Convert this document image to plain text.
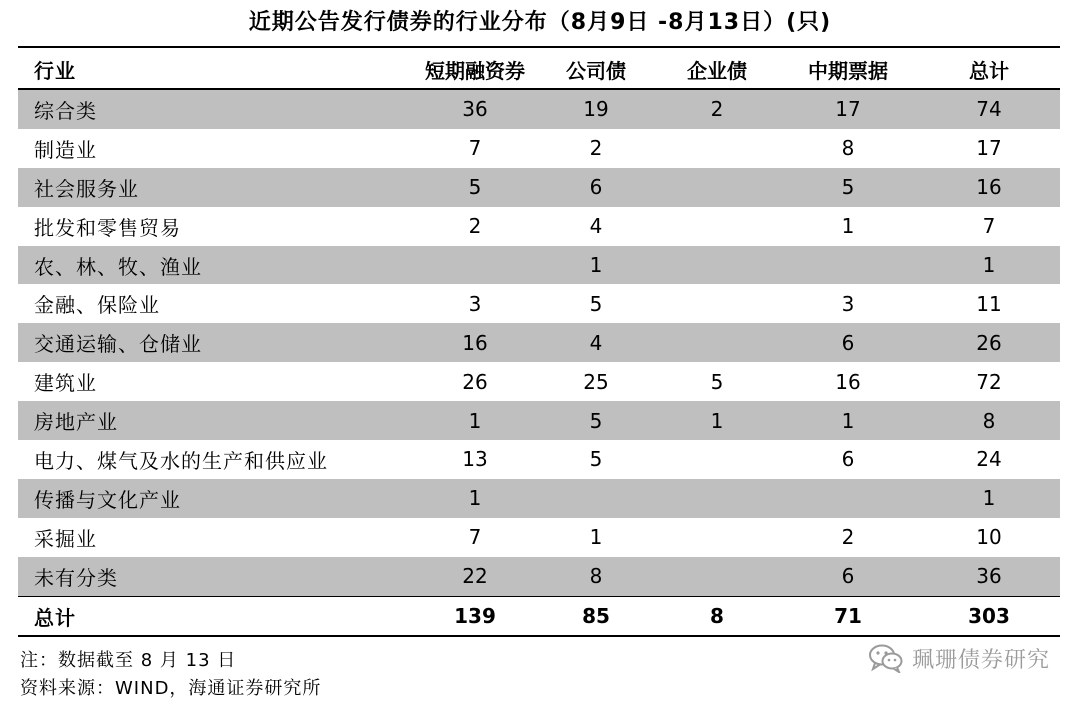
近期公告发行债券的行业分布（8月9日 -8月13日）(只)
行业	短期融资券	公司债	企业债	中期票据	总计
综合类	36	19	2	17	74
制造业	7	2		8	17
社会服务业	5	6		5	16
批发和零售贸易	2	4		1	7
农、林、牧、渔业		1			1
金融、保险业	3	5		3	11
交通运输、仓储业	16	4		6	26
建筑业	26	25	5	16	72
房地产业	1	5	1	1	8
电力、煤气及水的生产和供应业	13	5		6	24
传播与文化产业	1				1
采掘业	7	1		2	10
未有分类	22	8		6	36
总计	139	85	8	71	303
注：数据截至 8 月 13 日
资料来源：WIND，海通证券研究所
珮珊债券研究
